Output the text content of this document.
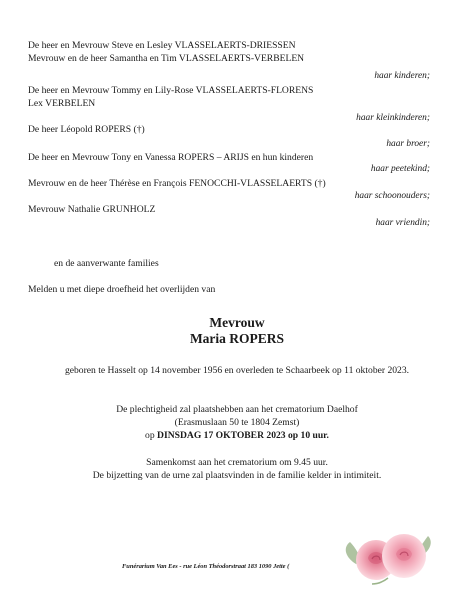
De heer en Mevrouw Steve en Lesley VLASSELAERTS-DRIESSEN
Mevrouw en de heer Samantha en Tim VLASSELAERTS-VERBELEN
haar kinderen;
De heer en Mevrouw Tommy en Lily-Rose VLASSELAERTS-FLORENS
Lex VERBELEN
haar kleinkinderen;
De heer Léopold ROPERS (†)
haar broer;
De heer en Mevrouw Tony en Vanessa ROPERS – ARIJS en hun kinderen
haar peetekind;
Mevrouw en de heer Thérèse en François FENOCCHI-VLASSELAERTS (†)
haar schoonouders;
Mevrouw Nathalie GRUNHOLZ
haar vriendin;
en de aanverwante families
Melden u met diepe droefheid het overlijden van
Mevrouw
Maria ROPERS
geboren te Hasselt op 14 november 1956 en overleden te Schaarbeek op 11 oktober 2023.
De plechtigheid zal plaatshebben aan het crematorium Daelhof
(Erasmuslaan 50 te 1804 Zemst)
op DINSDAG 17 OKTOBER 2023 op 10 uur.
Samenkomst aan het crematorium om 9.45 uur.
De bijzetting van de urne zal plaatsvinden in de familie kelder in intimiteit.
Funérarium Van Ees - rue Léon Théodorstraat 183 1090 Jette (
